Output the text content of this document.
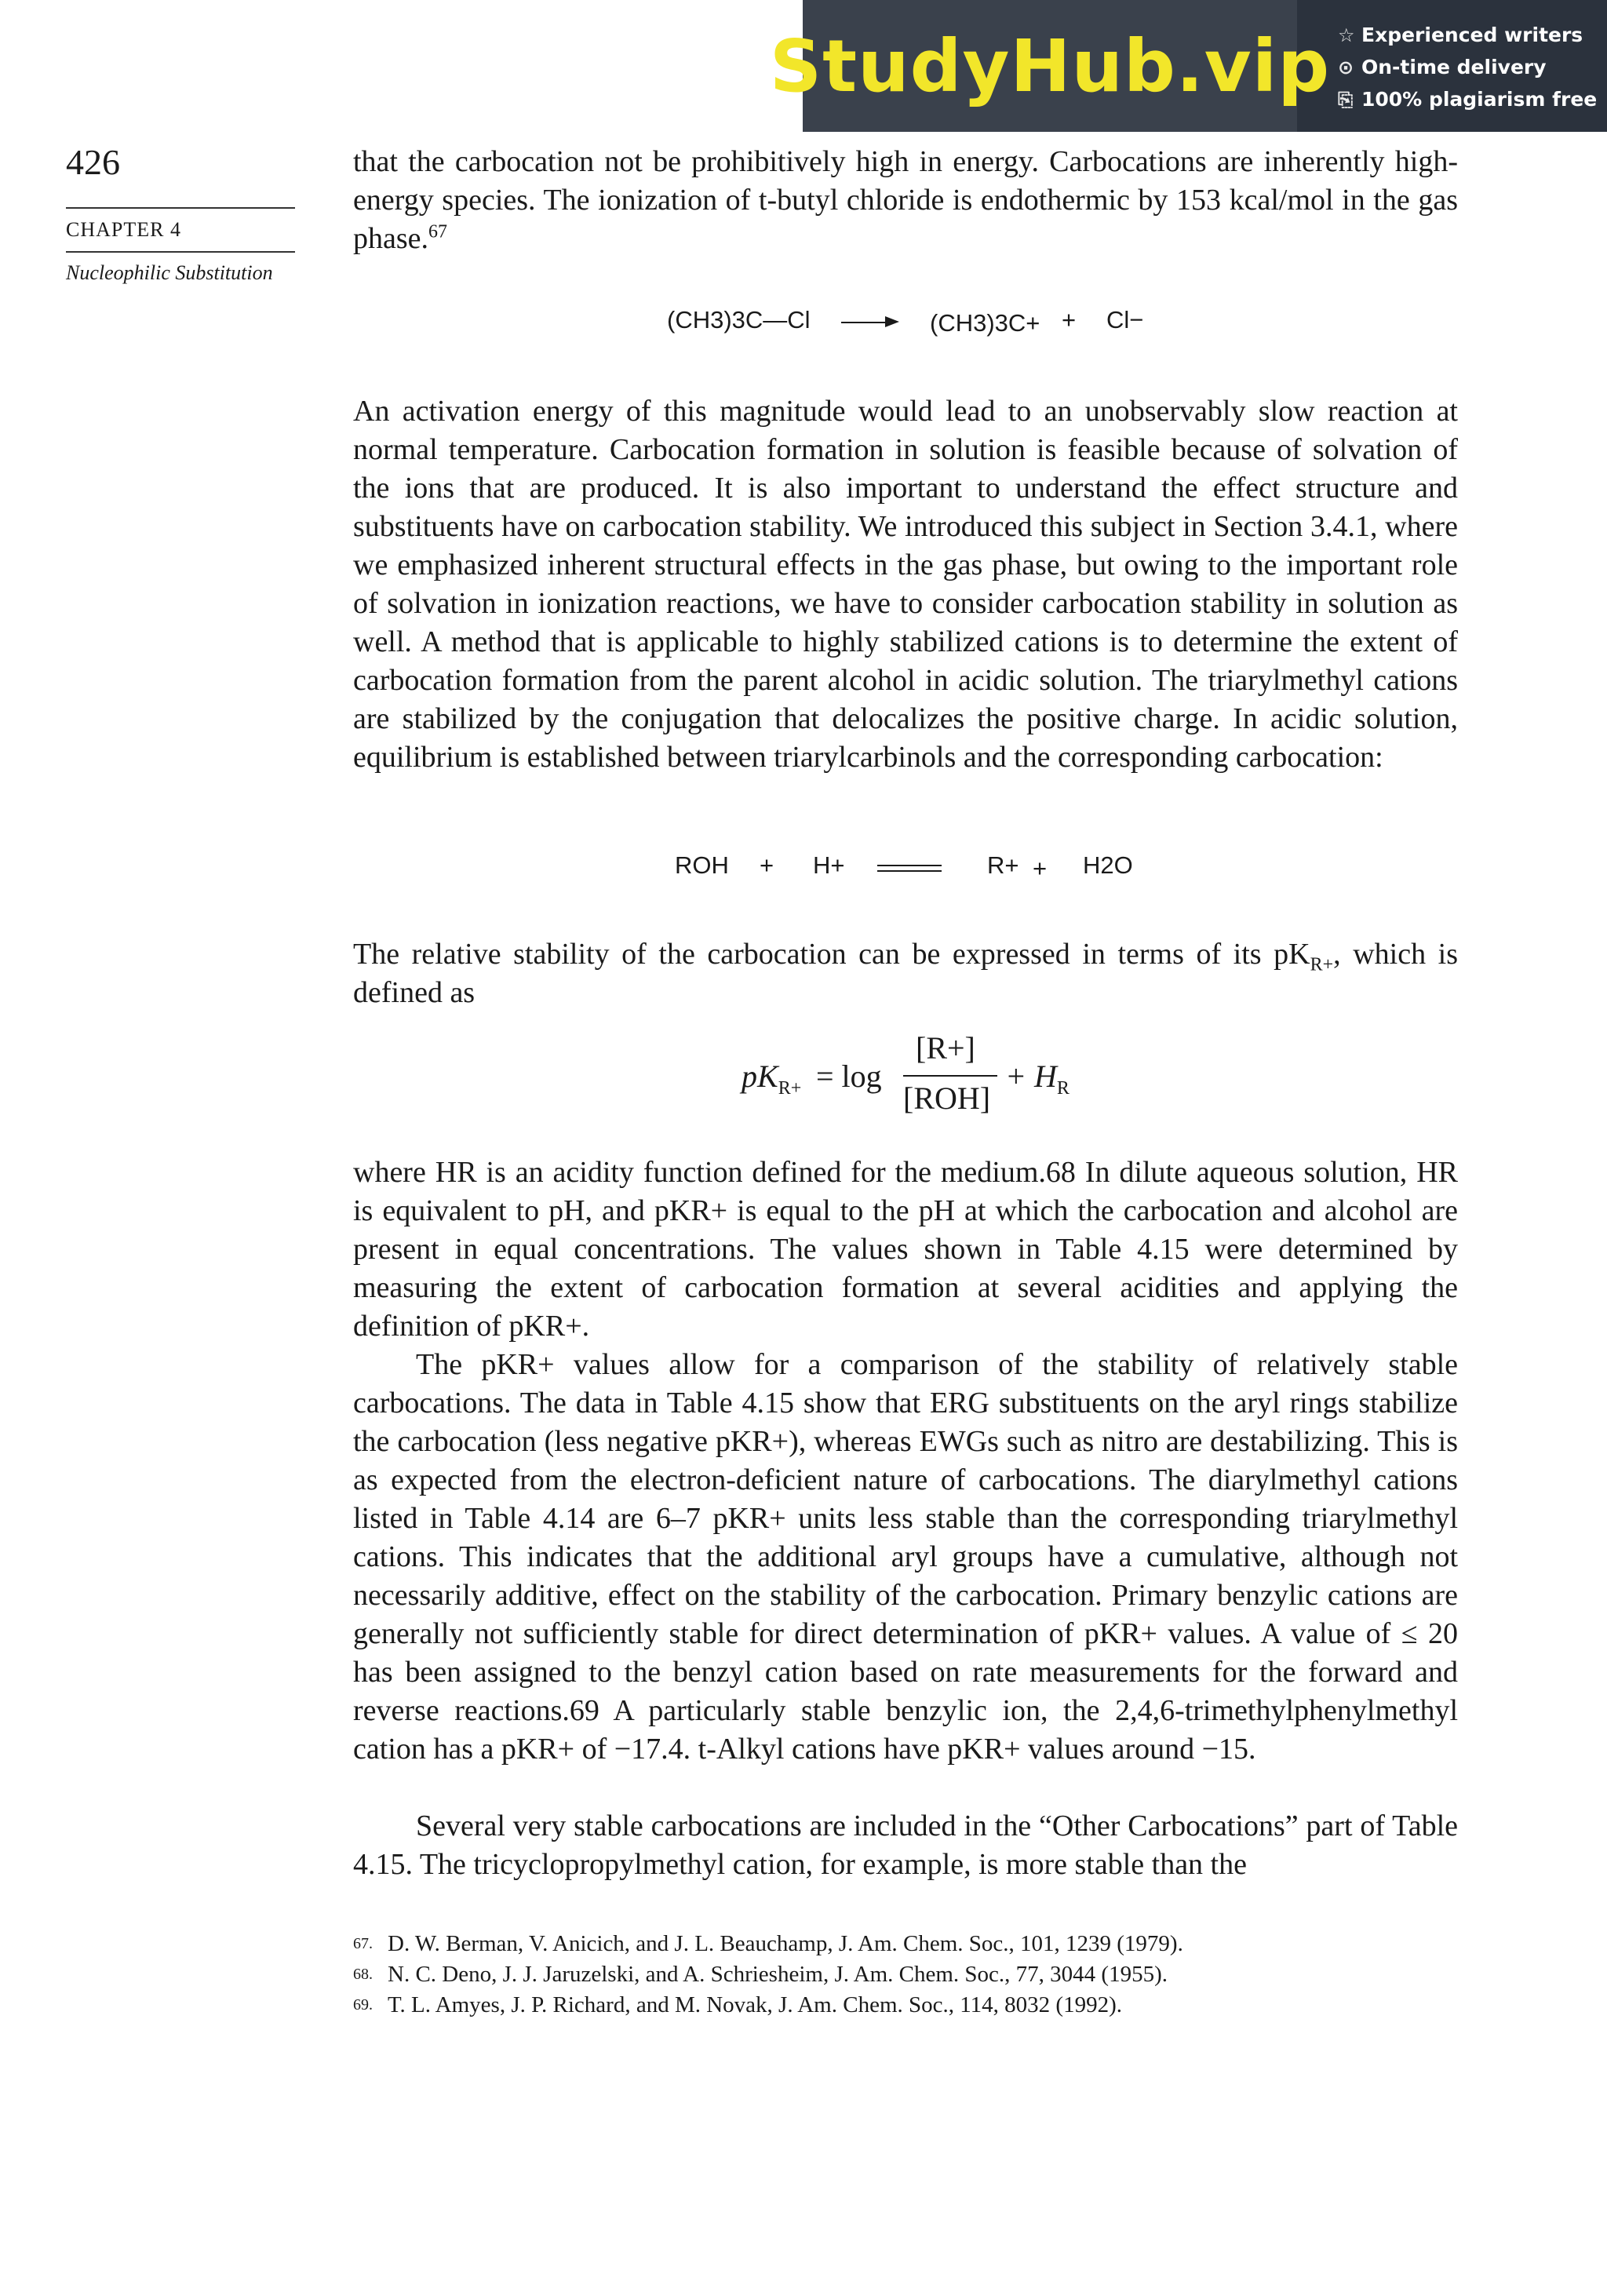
StudyHub.vip ☆ Experienced writers
⊙ On-time delivery
⎘ 100% plagiarism free
426
CHAPTER 4
Nucleophilic Substitution

that the carbocation not be prohibitively high in energy. Carbocations are inherently high-energy species. The ionization of t-butyl chloride is endothermic by 153 kcal/mol in the gas phase.$^{67}$

(CH3)3C—Cl	(CH3)3C+ + Cl−

An activation energy of this magnitude would lead to an unobservably slow reaction at normal temperature. Carbocation formation in solution is feasible because of solvation of the ions that are produced. It is also important to understand the effect structure and substituents have on carbocation stability. We introduced this subject in Section 3.4.1, where we emphasized inherent structural effects in the gas phase, but owing to the important role of solvation in ionization reactions, we have to consider carbocation stability in solution as well. A method that is applicable to highly stabilized cations is to determine the extent of carbocation formation from the parent alcohol in acidic solution. The triarylmethyl cations are stabilized by the conjugation that delocalizes the positive charge. In acidic solution, equilibrium is established between triarylcarbinols and the corresponding carbocation:

ROH + H+	R+ + H2O

The relative stability of the carbocation can be expressed in terms of its $pK_{R+}$, which is defined as

$pK_{R+} = \log$
[R+]
[ROH]
+ $H_R$

where HR is an acidity function defined for the medium.68 In dilute aqueous solution, HR is equivalent to pH, and pKR+ is equal to the pH at which the carbocation and alcohol are present in equal concentrations. The values shown in Table 4.15 were determined by measuring the extent of carbocation formation at several acidities and applying the definition of pKR+.

The pKR+ values allow for a comparison of the stability of relatively stable carbocations. The data in Table 4.15 show that ERG substituents on the aryl rings stabilize the carbocation (less negative pKR+), whereas EWGs such as nitro are destabilizing. This is as expected from the electron-deficient nature of carbocations. The diarylmethyl cations listed in Table 4.14 are 6–7 pKR+ units less stable than the corresponding triarylmethyl cations. This indicates that the additional aryl groups have a cumulative, although not necessarily additive, effect on the stability of the carbocation. Primary benzylic cations are generally not sufficiently stable for direct determination of pKR+ values. A value of ≤ 20 has been assigned to the benzyl cation based on rate measurements for the forward and reverse reactions.69 A particularly stable benzylic ion, the 2,4,6-trimethylphenylmethyl cation has a pKR+ of −17.4. t-Alkyl cations have pKR+ values around −15.

Several very stable carbocations are included in the “Other Carbocations” part of Table 4.15. The tricyclopropylmethyl cation, for example, is more stable than the

67. D. W. Berman, V. Anicich, and J. L. Beauchamp, J. Am. Chem. Soc., 101, 1239 (1979).
68. N. C. Deno, J. J. Jaruzelski, and A. Schriesheim, J. Am. Chem. Soc., 77, 3044 (1955).
69. T. L. Amyes, J. P. Richard, and M. Novak, J. Am. Chem. Soc., 114, 8032 (1992).
